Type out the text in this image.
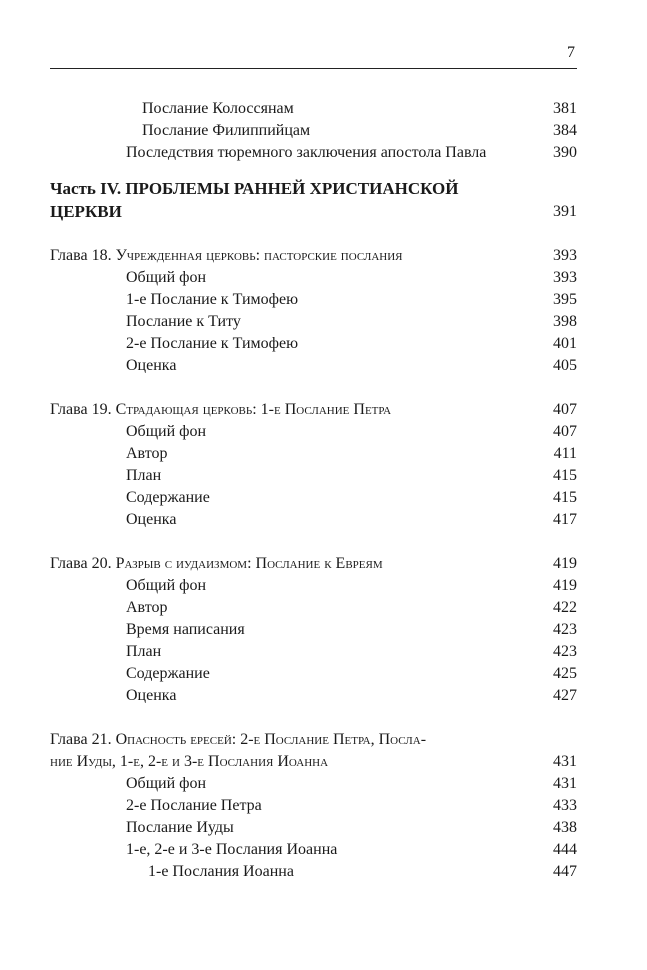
7
Послание Колоссянам	381
Послание Филиппийцам	384
Последствия тюремного заключения апостола Павла	390
Часть IV. ПРОБЛЕМЫ РАННЕЙ ХРИСТИАНСКОЙ
ЦЕРКВИ	391
Глава 18. Учрежденная церковь: пасторские послания	393
Общий фон	393
1-е Послание к Тимофею	395
Послание к Титу	398
2-е Послание к Тимофею	401
Оценка	405
Глава 19. Страдающая церковь: 1-е Послание Петра	407
Общий фон	407
Автор	411
План	415
Содержание	415
Оценка	417
Глава 20. Разрыв с иудаизмом: Послание к Евреям	419
Общий фон	419
Автор	422
Время написания	423
План	423
Содержание	425
Оценка	427
Глава 21. Опасность ересей: 2-е Послание Петра, Посла-
ние Иуды, 1-е, 2-е и 3-е Послания Иоанна	431
Общий фон	431
2-е Послание Петра	433
Послание Иуды	438
1-е, 2-е и 3-е Послания Иоанна	444
1-е Послания Иоанна	447
